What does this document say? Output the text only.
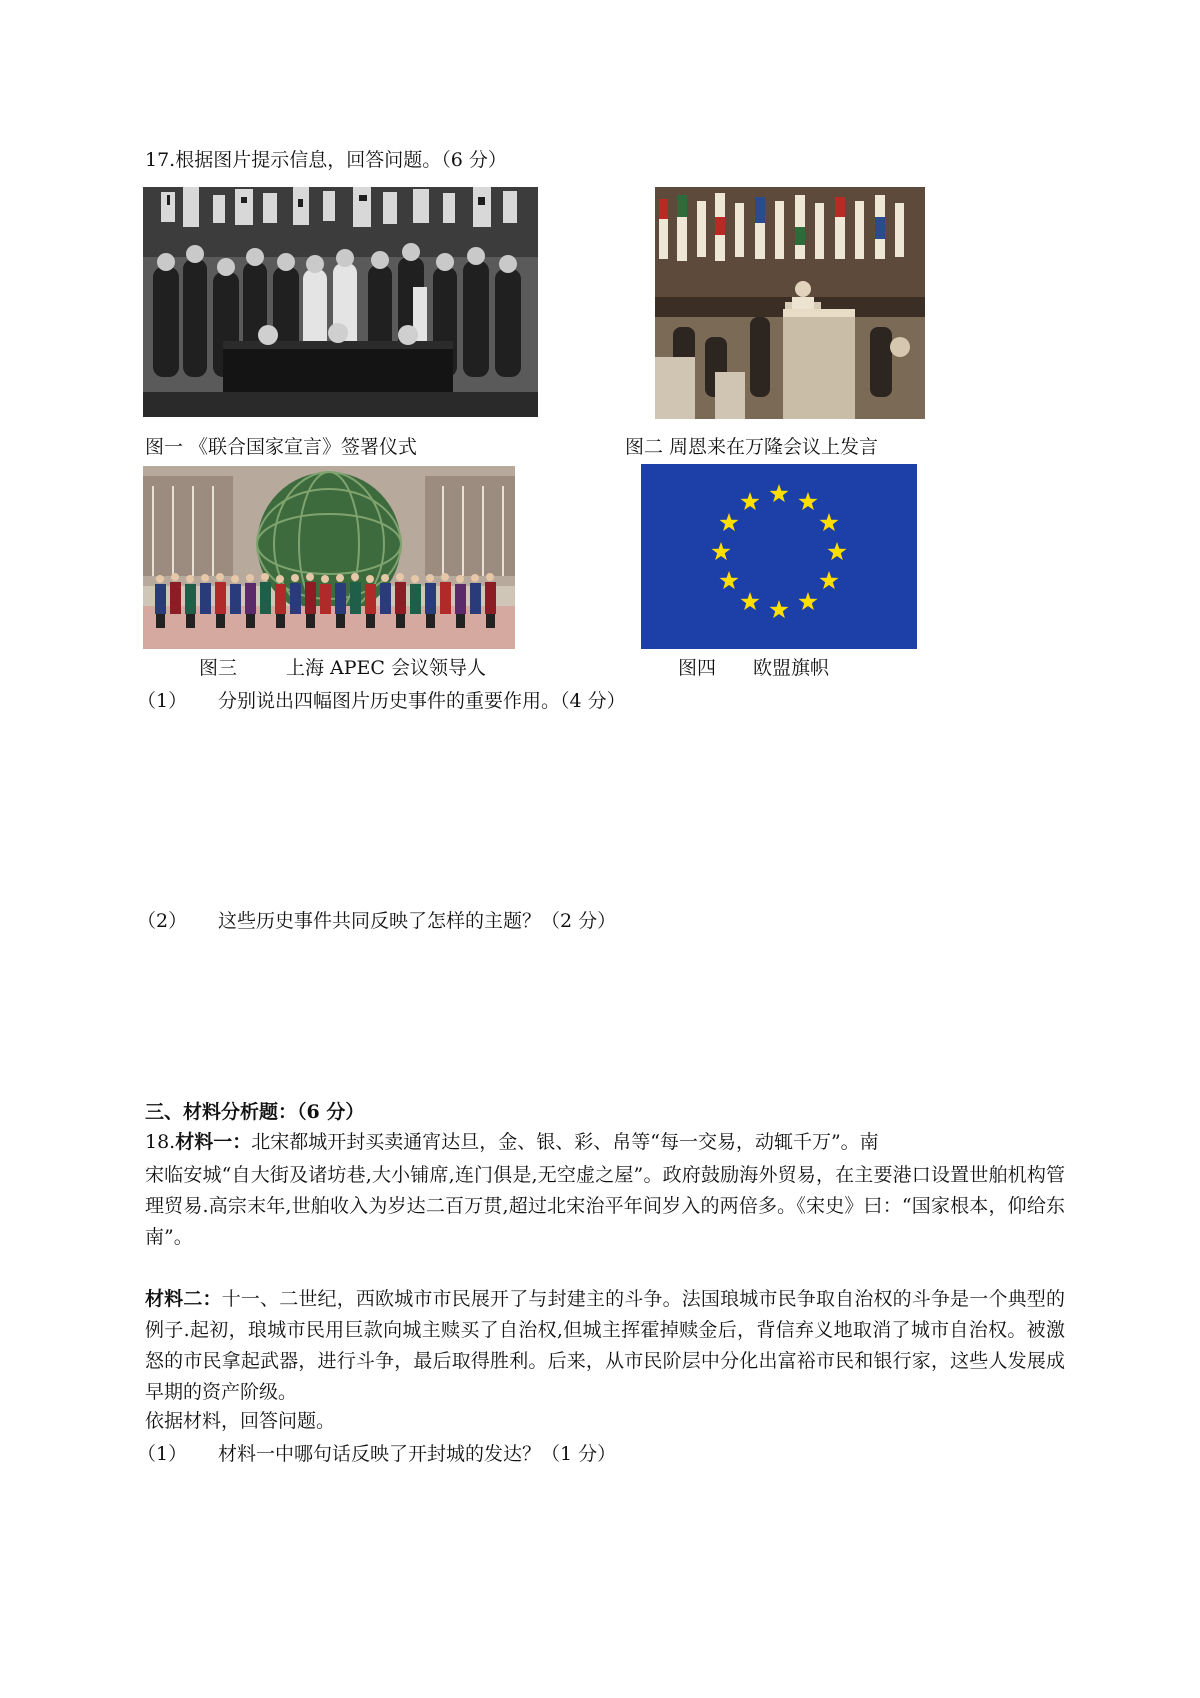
17.根据图片提示信息，回答问题。（6 分）
图一 《联合国家宣言》签署仪式	图二 周恩来在万隆会议上发言
图三	上海 APEC 会议领导人	图四 欧盟旗帜
（1） 分别说出四幅图片历史事件的重要作用。（4 分）
（2） 这些历史事件共同反映了怎样的主题？（2 分）
三、材料分析题：（6 分）
18.材料一：北宋都城开封买卖通宵达旦，金、银、彩、帛等“每一交易，动辄千万”。南
宋临安城“自大街及诸坊巷,大小铺席,连门俱是,无空虚之屋”。政府鼓励海外贸易，在主要港口设置世舶机构管理贸易.高宗末年,世舶收入为岁达二百万贯,超过北宋治平年间岁入的两倍多。《宋史》曰：“国家根本，仰给东南”。
材料二：十一、二世纪，西欧城市市民展开了与封建主的斗争。法国琅城市民争取自治权的斗争是一个典型的例子.起初，琅城市民用巨款向城主赎买了自治权,但城主挥霍掉赎金后，背信弃义地取消了城市自治权。被激怒的市民拿起武器，进行斗争，最后取得胜利。后来，从市民阶层中分化出富裕市民和银行家，这些人发展成早期的资产阶级。
依据材料，回答问题。
（1） 材料一中哪句话反映了开封城的发达？（1 分）
